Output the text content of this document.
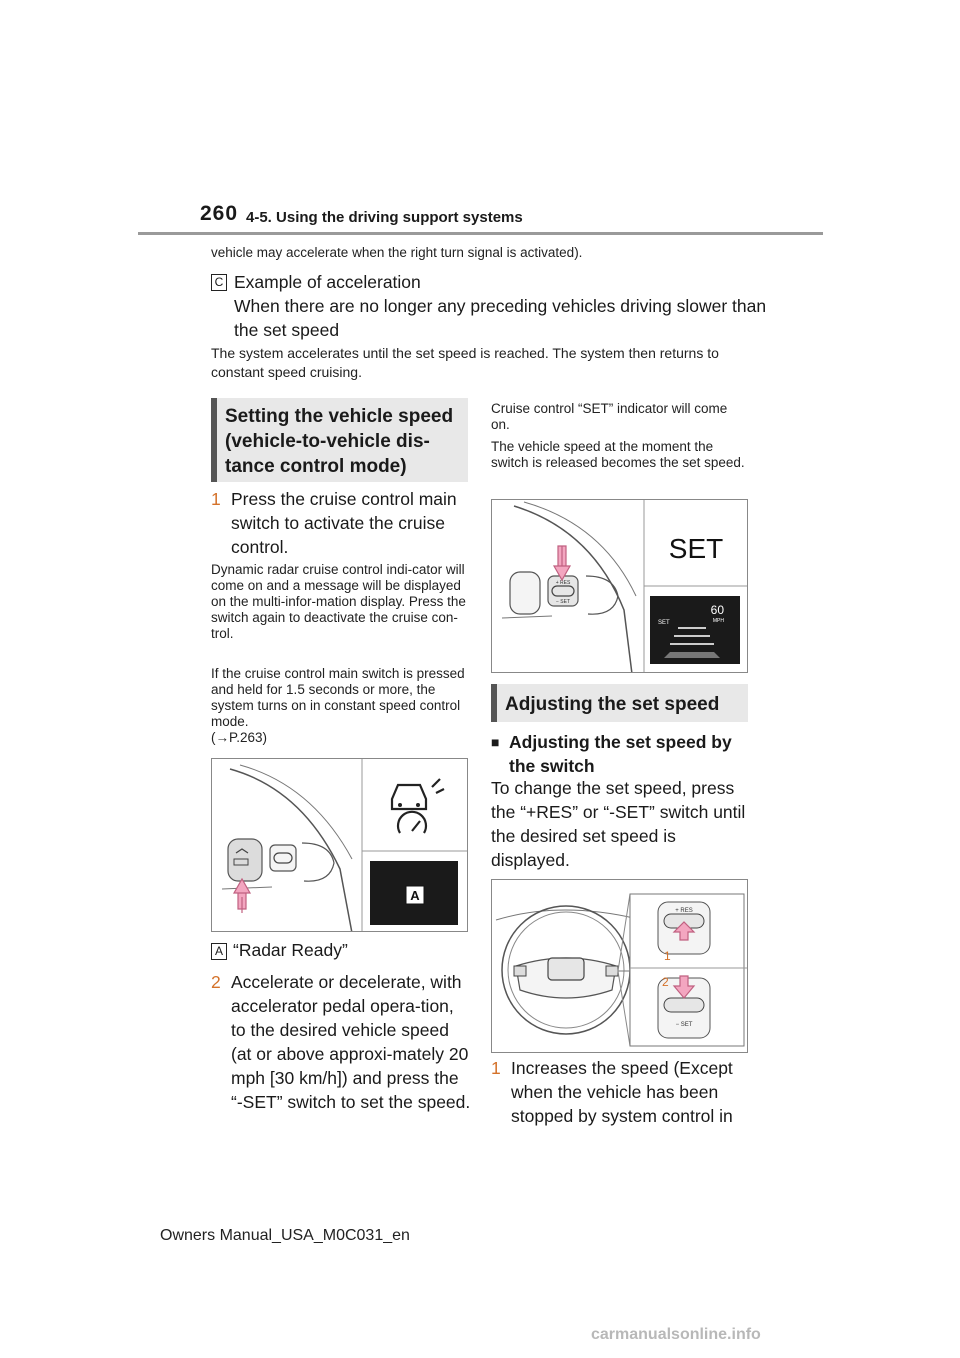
260 4-5. Using the driving support systems
vehicle may accelerate when the right turn signal is activated).
C Example of acceleration
When there are no longer any preceding vehicles driving slower than the set speed
The system accelerates until the set speed is reached. The system then returns to constant speed cruising.
Setting the vehicle speed (vehicle-to-vehicle dis-tance control mode)
1 Press the cruise control main switch to activate the cruise control.
Dynamic radar cruise control indi-cator will come on and a message will be displayed on the multi-infor-mation display. Press the switch again to deactivate the cruise con-trol.
If the cruise control main switch is pressed and held for 1.5 seconds or more, the system turns on in constant speed control mode.
(→P.263)
A
A “Radar Ready”
2 Accelerate or decelerate, with accelerator pedal opera-tion, to the desired vehicle speed (at or above approxi-mately 20 mph [30 km/h]) and press the “-SET” switch to set the speed.
Cruise control “SET” indicator will come on.
The vehicle speed at the moment the switch is released becomes the set speed.
+ RES
− SET
SET
SET
60
MPH
Adjusting the set speed
■ Adjusting the set speed by the switch
To change the set speed, press the “+RES” or “-SET” switch until the desired set speed is displayed.
+ RES
1
− SET
2
1 Increases the speed (Except when the vehicle has been stopped by system control in
Owners Manual_USA_M0C031_en
carmanualsonline.info
